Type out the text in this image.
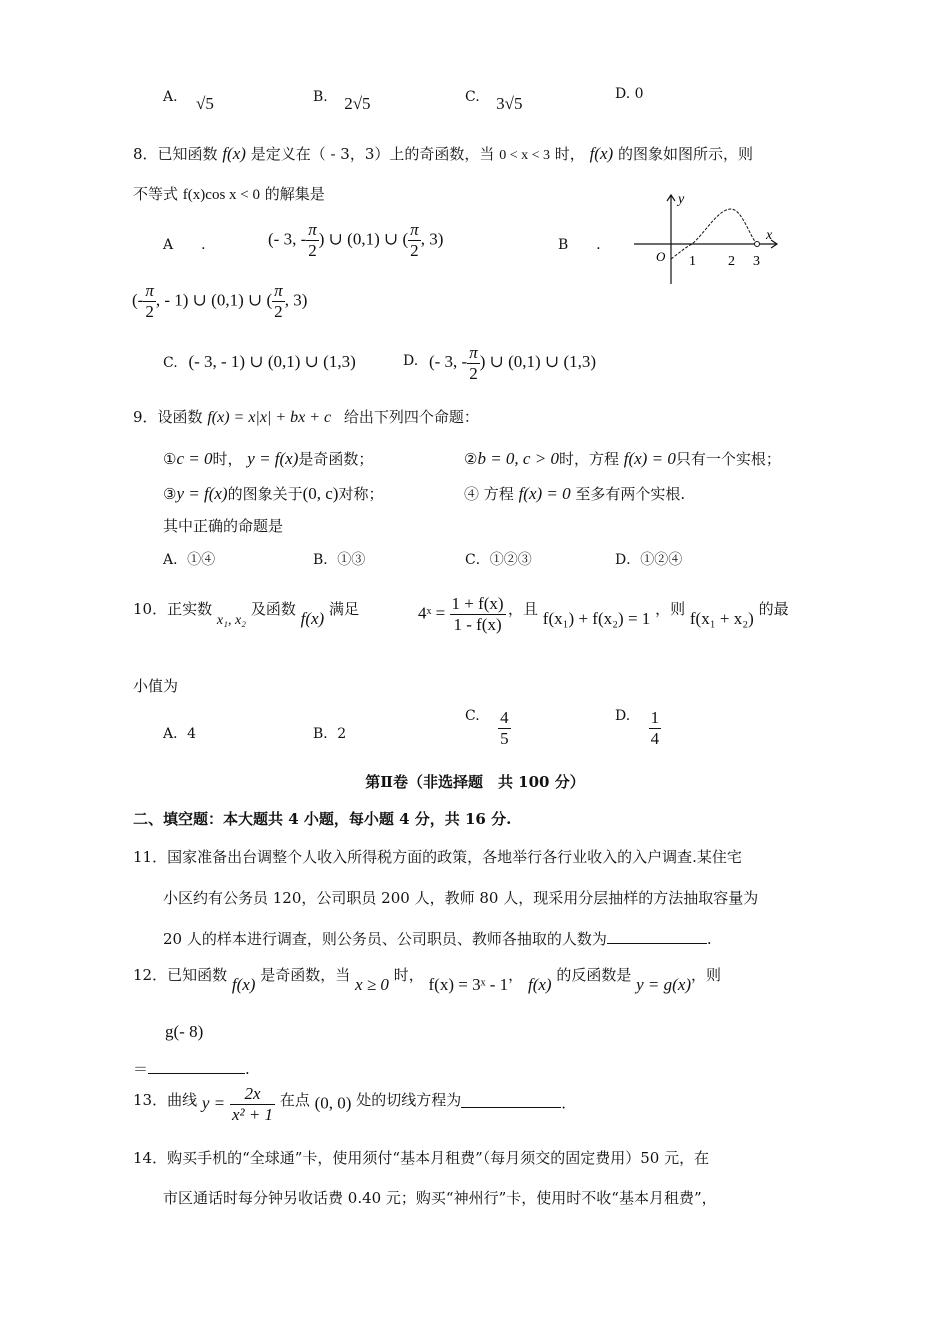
A. √5	B. 2√5	C. 3√5	D. 0
8．已知函数 f(x) 是定义在（ - 3，3）上的奇函数，当 0 < x < 3 时， f(x) 的图象如图所示，则
不等式 f(x)cos x < 0 的解集是
A　　．	(- 3, - $\frac{\pi}{2}$ ) ∪ (0,1) ∪ ( $\frac{\pi}{2}$ , 3)	B　　．
y
x
O 1 2 3
(- $\frac{\pi}{2}$ , - 1) ∪ (0,1) ∪ ( $\frac{\pi}{2}$ , 3)
C. (- 3, - 1) ∪ (0,1) ∪ (1,3)	D. (- 3, - $\frac{\pi}{2}$ ) ∪ (0,1) ∪ (1,3)
9．设函数 f(x) = x|x| + bx + c 给出下列四个命题：
①c = 0时， y = f(x)是奇函数；	②b = 0, c > 0时，方程 f(x) = 0只有一个实根；
③y = f(x)的图象关于(0, c)对称；	④ 方程 f(x) = 0 至多有两个实根.
其中正确的命题是
A．①④	B．①③	C．①②③	D．①②④
10．正实数 x₁, x₂ 及函数 f(x) 满足	4ˣ = $\frac{1 + f(x)}{1 - f(x)}$ ，且 f(x₁) + f(x₂) = 1 ，则 f(x₁ + x₂) 的最
小值为
A．4	B．2
C. $\frac{4}{5}$	D. $\frac{1}{4}$
第Ⅱ卷（非选择题　共 100 分）
二、填空题：本大题共 4 小题，每小题 4 分，共 16 分.
11．国家准备出台调整个人收入所得税方面的政策，各地举行各行业收入的入户调查.某住宅
小区约有公务员 120，公司职员 200 人，教师 80 人，现采用分层抽样的方法抽取容量为
20 人的样本进行调查，则公务员、公司职员、教师各抽取的人数为	.
12．已知函数 f(x) 是奇函数，当 x ≥ 0 时， f(x) = 3ˣ - 1， f(x) 的反函数是 y = g(x)，则
g(- 8)
＝	.
13．曲线 $y = \frac{2x}{\text{x² + 1}}$ 在点 (0, 0) 处的切线方程为	.
14．购买手机的“全球通”卡，使用须付“基本月租费”（每月须交的固定费用）50 元，在
市区通话时每分钟另收话费 0.40 元；购买“神州行”卡，使用时不收“基本月租费”，
